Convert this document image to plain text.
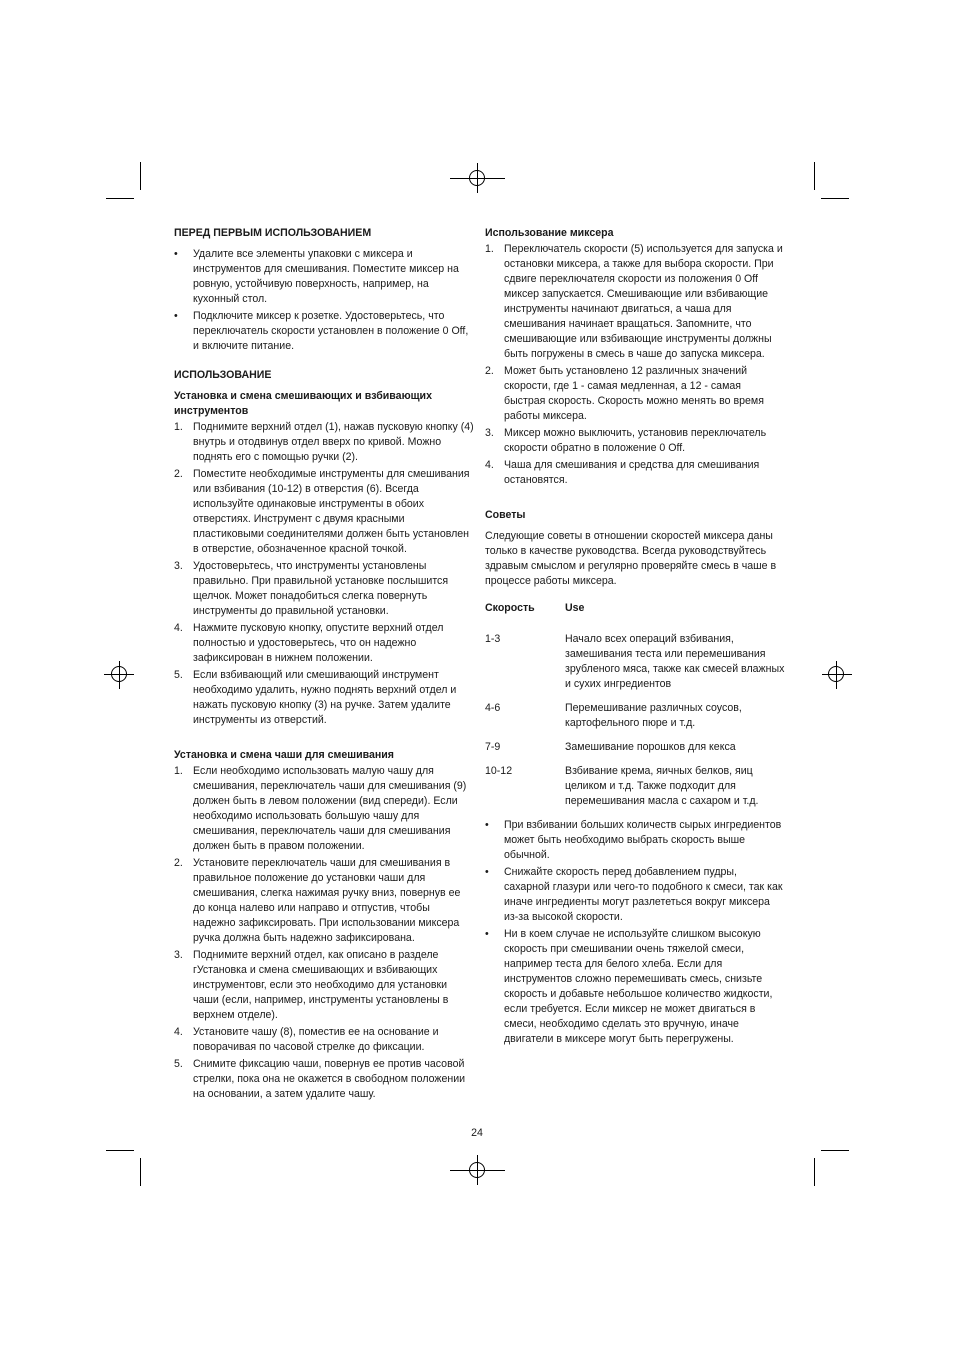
ПЕРЕД ПЕРВЫМ ИСПОЛЬЗОВАНИЕМ
• Удалите все элементы упаковки с миксера и инструментов для смешивания. Поместите миксер на ровную, устойчивую поверхность, например, на кухонный стол.
• Подключите миксер к розетке. Удостоверьтесь, что переключатель скорости установлен в положение 0 Off, и включите питание.
ИСПОЛЬЗОВАНИЕ
Установка и смена смешивающих и взбивающих инструментов
1. Поднимите верхний отдел (1), нажав пусковую кнопку (4) внутрь и отодвинув отдел вверх по кривой. Можно поднять его с помощью ручки (2).
2. Поместите необходимые инструменты для смешивания или взбивания (10-12) в отверстия (6). Всегда используйте одинаковые инструменты в обоих отверстиях. Инструмент с двумя красными пластиковыми соединителями должен быть установлен в отверстие, обозначенное красной точкой.
3. Удостоверьтесь, что инструменты установлены правильно. При правильной установке послышится щелчок. Может понадобиться слегка повернуть инструменты до правильной установки.
4. Нажмите пусковую кнопку, опустите верхний отдел полностью и удостоверьтесь, что он надежно зафиксирован в нижнем положении.
5. Если взбивающий или смешивающий инструмент необходимо удалить, нужно поднять верхний отдел и нажать пусковую кнопку (3) на ручке. Затем удалите инструменты из отверстий.
Установка и смена чаши для смешивания
1. Если необходимо использовать малую чашу для смешивания, переключатель чаши для смешивания (9) должен быть в левом положении (вид спереди). Если необходимо использовать большую чашу для смешивания, переключатель чаши для смешивания должен быть в правом положении.
2. Установите переключатель чаши для смешивания в правильное положение до установки чаши для смешивания, слегка нажимая ручку вниз, повернув ее до конца налево или направо и отпустив, чтобы надежно зафиксировать. При использовании миксера ручка должна быть надежно зафиксирована.
3. Поднимите верхний отдел, как описано в разделе гУстановка и смена смешивающих и взбивающих инструментовг, если это необходимо для установки чаши (если, например, инструменты установлены в верхнем отделе).
4. Установите чашу (8), поместив ее на основание и поворачивая по часовой стрелке до фиксации.
5. Снимите фиксацию чаши, повернув ее против часовой стрелки, пока она не окажется в свободном положении на основании, а затем удалите чашу.
Использование миксера
1. Переключатель скорости (5) используется для запуска и остановки миксера, а также для выбора скорости. При сдвиге переключателя скорости из положения 0 Off миксер запускается. Смешивающие или взбивающие инструменты начинают двигаться, а чаша для смешивания начинает вращаться. Запомните, что смешивающие или взбивающие инструменты должны быть погружены в смесь в чаше до запуска миксера.
2. Может быть установлено 12 различных значений скорости, где 1 - самая медленная, а 12 - самая быстрая скорость. Скорость можно менять во время работы миксера.
3. Миксер можно выключить, установив переключатель скорости обратно в положение 0 Off.
4. Чаша для смешивания и средства для смешивания остановятся.
Советы

Следующие советы в отношении скоростей миксера даны только в качестве руководства. Всегда руководствуйтесь здравым смыслом и регулярно проверяйте смесь в чаше в процессе работы миксера.

Скорость	Use
1-3	Начало всех операций взбивания, замешивания теста или перемешивания зрубленого мяса, также как смесей влажных и сухих ингредиентов
4-6	Перемешивание различных соусов, картофельного пюре и т.д.
7-9	Замешивание порошков для кекса
10-12	Взбивание крема, яичных белков, яиц целиком и т.д. Также подходит для перемешивания масла с сахаром и т.д.
• При взбивании больших количеств сырых ингредиентов может быть необходимо выбрать скорость выше обычной.
• Снижайте скорость перед добавлением пудры, сахарной глазури или чего-то подобного к смеси, так как иначе ингредиенты могут разлететься вокруг миксера из-за высокой скорости.
• Ни в коем случае не используйте слишком высокую скорость при смешивании очень тяжелой смеси, например теста для белого хлеба. Если для инструментов сложно перемешивать смесь, снизьте скорость и добавьте небольшое количество жидкости, если требуется. Если миксер не может двигаться в смеси, необходимо сделать это вручную, иначе двигатели в миксере могут быть перегружены.
24
